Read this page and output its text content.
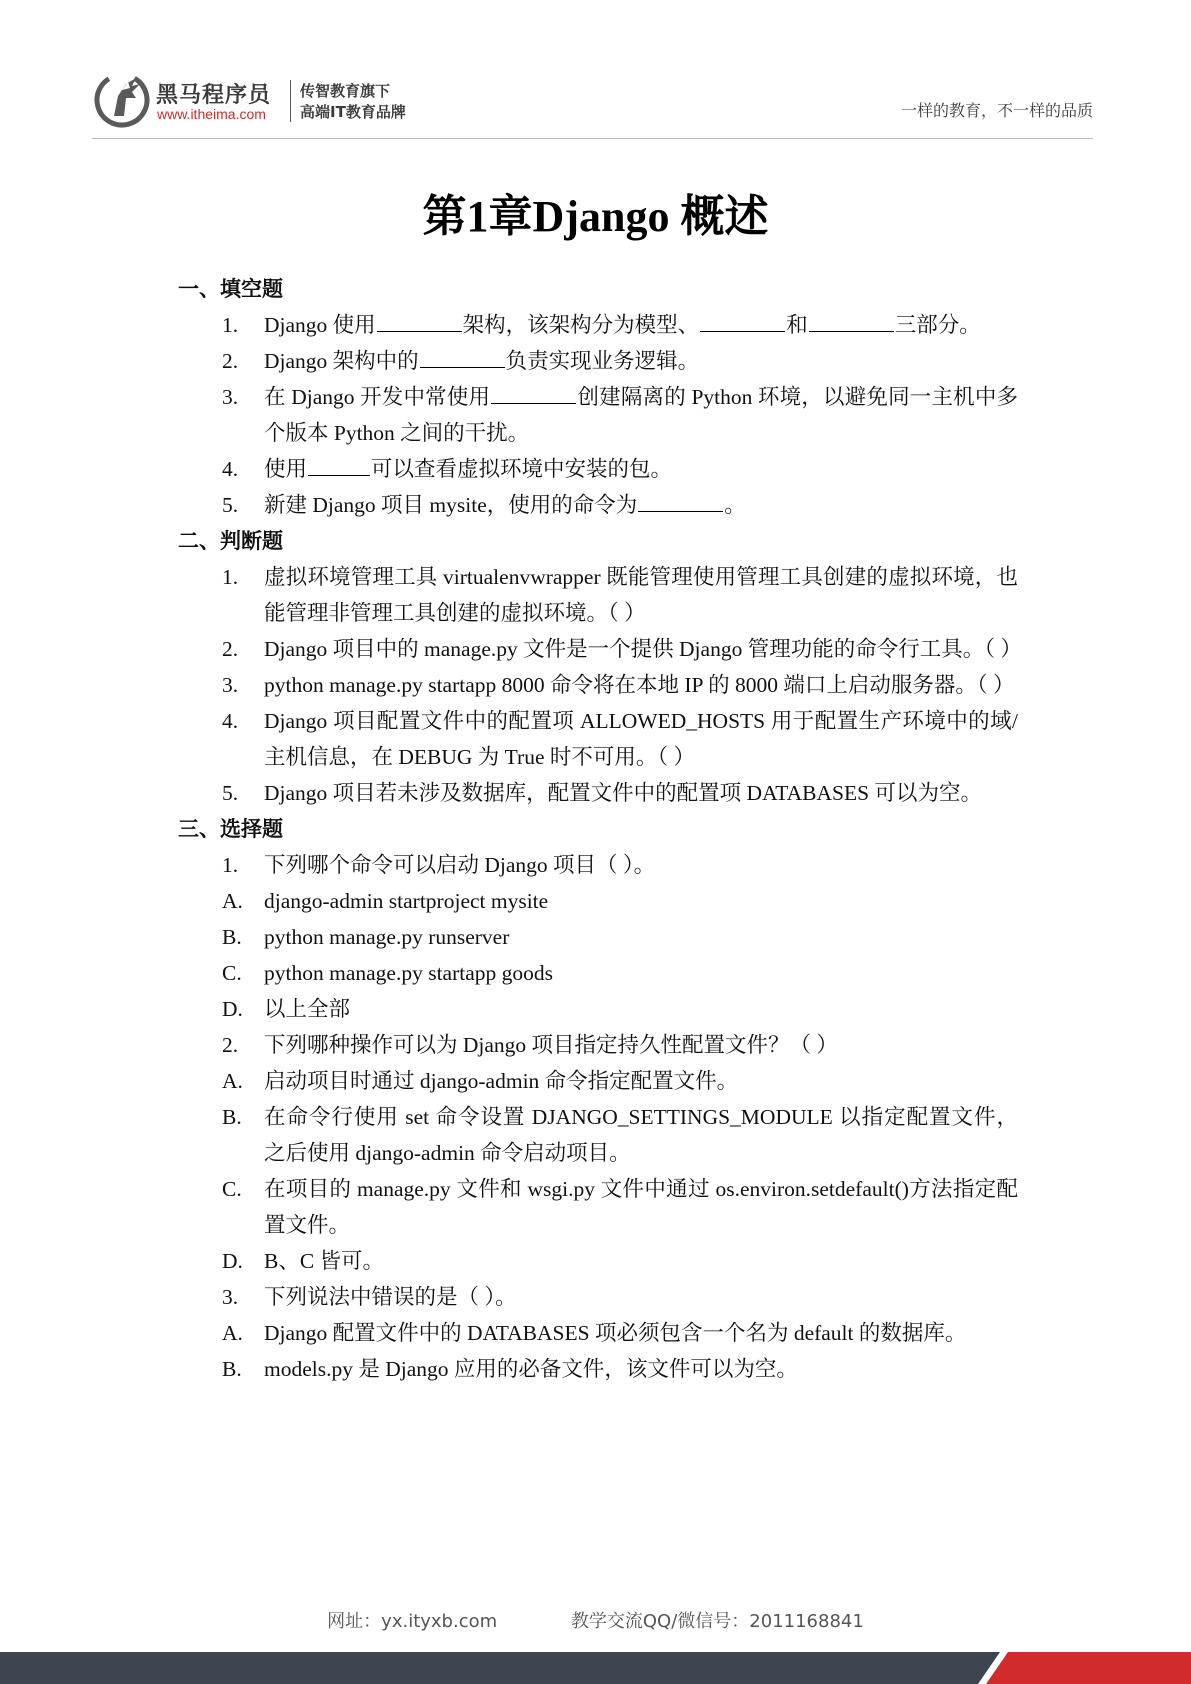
黑马程序员
www.itheima.com
传智教育旗下
高端IT教育品牌	一样的教育，不一样的品质
第1章Django 概述
一、填空题
1.	Django 使用	架构，该架构分为模型、	和	三部分。
2.	Django 架构中的	负责实现业务逻辑。
3.	在 Django 开发中常使用	创建隔离的 Python 环境，以避免同一主机中多个版本 Python 之间的干扰。
4.	使用	可以查看虚拟环境中安装的包。
5.	新建 Django 项目 mysite，使用的命令为	。
二、判断题
1.	虚拟环境管理工具 virtualenvwrapper 既能管理使用管理工具创建的虚拟环境，也能管理非管理工具创建的虚拟环境。（ ）
2.	Django 项目中的 manage.py 文件是一个提供 Django 管理功能的命令行工具。（ ）
3.	python manage.py startapp 8000 命令将在本地 IP 的 8000 端口上启动服务器。（ ）
4.	Django 项目配置文件中的配置项 ALLOWED_HOSTS 用于配置生产环境中的域/主机信息，在 DEBUG 为 True 时不可用。（ ）
5.	Django 项目若未涉及数据库，配置文件中的配置项 DATABASES 可以为空。
三、选择题
1.	下列哪个命令可以启动 Django 项目（ ）。
A. django-admin startproject mysite
B.	python manage.py runserver
C.	python manage.py startapp goods
D. 以上全部
2.	下列哪种操作可以为 Django 项目指定持久性配置文件？（ ）
A. 启动项目时通过 django-admin 命令指定配置文件。
B.	在命令行使用 set 命令设置 DJANGO_SETTINGS_MODULE 以指定配置文件，之后使用 django-admin 命令启动项目。
C.	在项目的 manage.py 文件和 wsgi.py 文件中通过 os.environ.setdefault()方法指定配置文件。
D. B、C 皆可。
3.	下列说法中错误的是（ ）。
A. Django 配置文件中的 DATABASES 项必须包含一个名为 default 的数据库。
B.	models.py 是 Django 应用的必备文件，该文件可以为空。
网址：yx.ityxb.com	教学交流QQ/微信号：2011168841
